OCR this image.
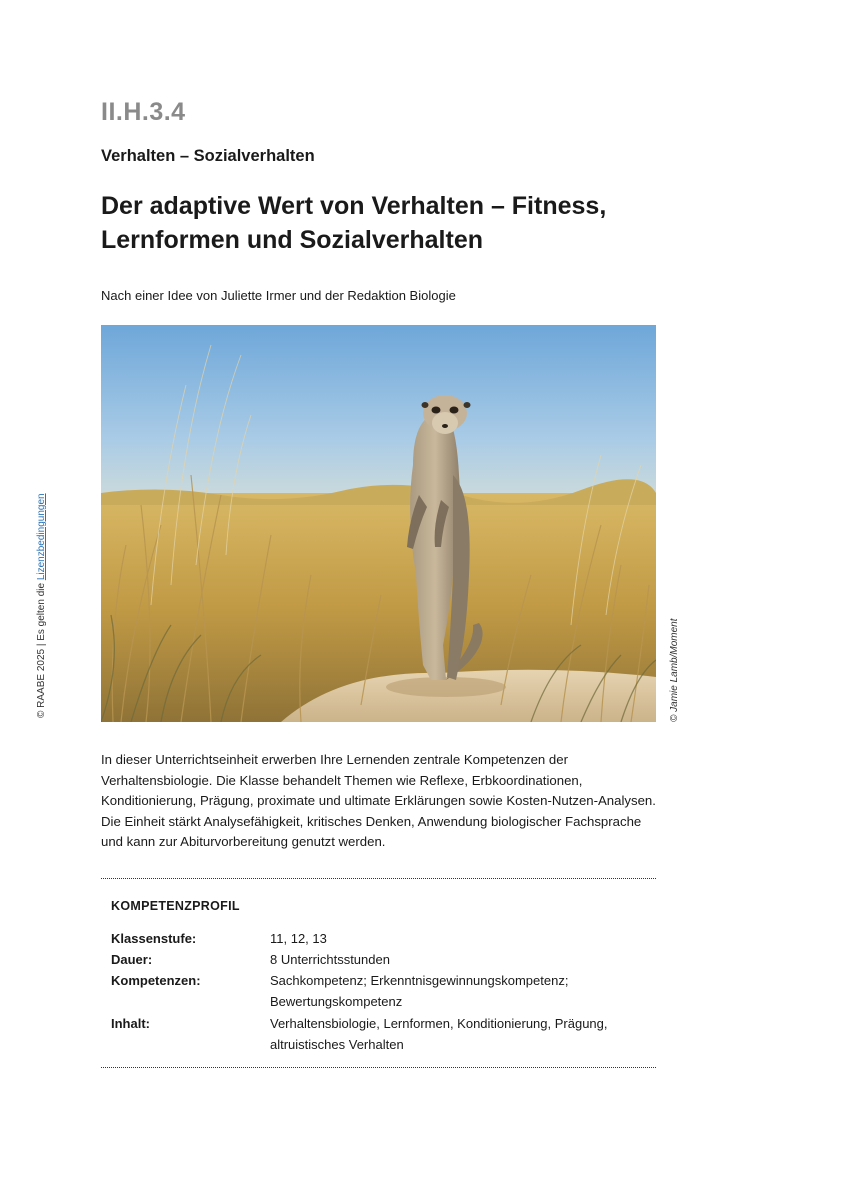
II.H.3.4
Verhalten – Sozialverhalten
Der adaptive Wert von Verhalten – Fitness, Lernformen und Sozialverhalten
Nach einer Idee von Juliette Irmer und der Redaktion Biologie
© Jamie Lamb/Moment
© RAABE 2025 | Es gelten die Lizenzbedingungen

In dieser Unterrichtseinheit erwerben Ihre Lernenden zentrale Kompetenzen der Verhaltensbiologie. Die Klasse behandelt Themen wie Reflexe, Erbkoordinationen, Konditionierung, Prägung, proximate und ultimate Erklärungen sowie Kosten-Nutzen-Analysen. Die Einheit stärkt Analysefähigkeit, kritisches Denken, Anwendung biologischer Fachsprache und kann zur Abiturvorbereitung genutzt werden.

KOMPETENZPROFIL
Klassenstufe:	11, 12, 13
Dauer:	8 Unterrichtsstunden
Kompetenzen:	Sachkompetenz; Erkenntnisgewinnungskompetenz; Bewertungskompetenz
Inhalt:	Verhaltensbiologie, Lernformen, Konditionierung, Prägung, altruistisches Verhalten
